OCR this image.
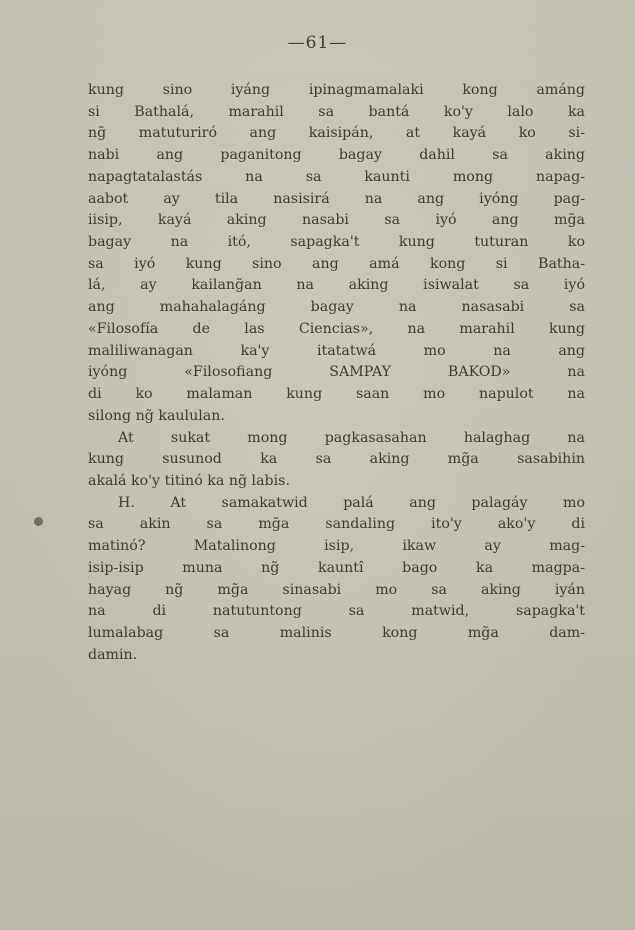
—61—
kung sino iyáng ipinagmamalaki kong amáng
si Bathalá, marahil sa bantá ko'y lalo ka
ng̃ matuturiró ang kaisipán, at kayá ko si-
nabi ang paganitong bagay dahil sa aking
napagtatalastás na sa kaunti mong napag-
aabot ay tila nasisirá na ang iyóng pag-
iisip, kayá aking nasabi sa iyó ang mg̃a
bagay na itó, sapagka't kung tuturan ko
sa iyó kung sino ang amá kong si Batha-
lá, ay kailang̃an na aking isiwalat sa iyó
ang mahahalagáng bagay na nasasabi sa
«Filosofía de las Ciencias», na marahil kung
maliliwanagan ka'y itatatwá mo na ang
iyóng «Filosofiang SAMPAY BAKOD» na
di ko malaman kung saan mo napulot na
silong ng̃ kaululan.
At sukat mong pagkasasahan halaghag na
kung susunod ka sa aking mg̃a sasabihin
akalá ko'y titinó ka ng̃ labis.
H. At samakatwid palá ang palagáy mo
sa akin sa mg̃a sandaling ito'y ako'y di
matinó? Matalinong isip, ikaw ay mag-
isip-isip muna ng̃ kauntî bago ka magpa-
hayag ng̃ mg̃a sinasabi mo sa aking iyán
na di natutuntong sa matwid, sapagka't
lumalabag sa malinis kong mg̃a dam-
damin.
